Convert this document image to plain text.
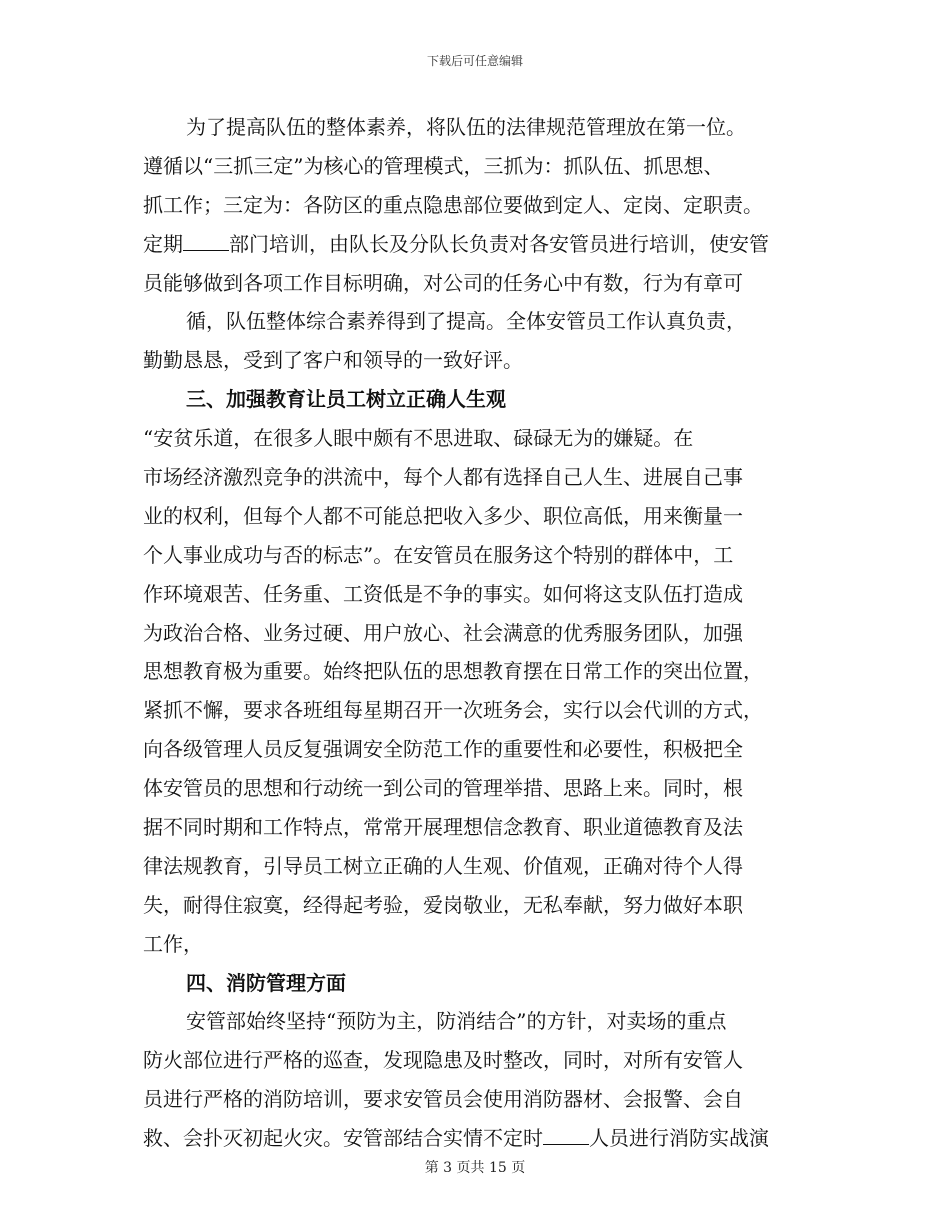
下载后可任意编辑
为了提高队伍的整体素养，将队伍的法律规范管理放在第一位。
遵循以“三抓三定”为核心的管理模式，三抓为：抓队伍、抓思想、
抓工作；三定为：各防区的重点隐患部位要做到定人、定岗、定职责。
定期 部门培训，由队长及分队长负责对各安管员进行培训，使安管
员能够做到各项工作目标明确，对公司的任务心中有数，行为有章可
循，队伍整体综合素养得到了提高。全体安管员工作认真负责，
勤勤恳恳，受到了客户和领导的一致好评。
三、加强教育让员工树立正确人生观
“安贫乐道，在很多人眼中颇有不思进取、碌碌无为的嫌疑。在
市场经济激烈竞争的洪流中，每个人都有选择自己人生、进展自己事
业的权利，但每个人都不可能总把收入多少、职位高低，用来衡量一
个人事业成功与否的标志”。在安管员在服务这个特别的群体中，工
作环境艰苦、任务重、工资低是不争的事实。如何将这支队伍打造成
为政治合格、业务过硬、用户放心、社会满意的优秀服务团队，加强
思想教育极为重要。始终把队伍的思想教育摆在日常工作的突出位置，
紧抓不懈，要求各班组每星期召开一次班务会，实行以会代训的方式，
向各级管理人员反复强调安全防范工作的重要性和必要性，积极把全
体安管员的思想和行动统一到公司的管理举措、思路上来。同时，根
据不同时期和工作特点，常常开展理想信念教育、职业道德教育及法
律法规教育，引导员工树立正确的人生观、价值观，正确对待个人得
失，耐得住寂寞，经得起考验，爱岗敬业，无私奉献，努力做好本职
工作，
四、消防管理方面
安管部始终坚持“预防为主，防消结合”的方针，对卖场的重点
防火部位进行严格的巡查，发现隐患及时整改，同时，对所有安管人
员进行严格的消防培训，要求安管员会使用消防器材、会报警、会自
救、会扑灭初起火灾。安管部结合实情不定时 人员进行消防实战演
第 3 页共 15 页
